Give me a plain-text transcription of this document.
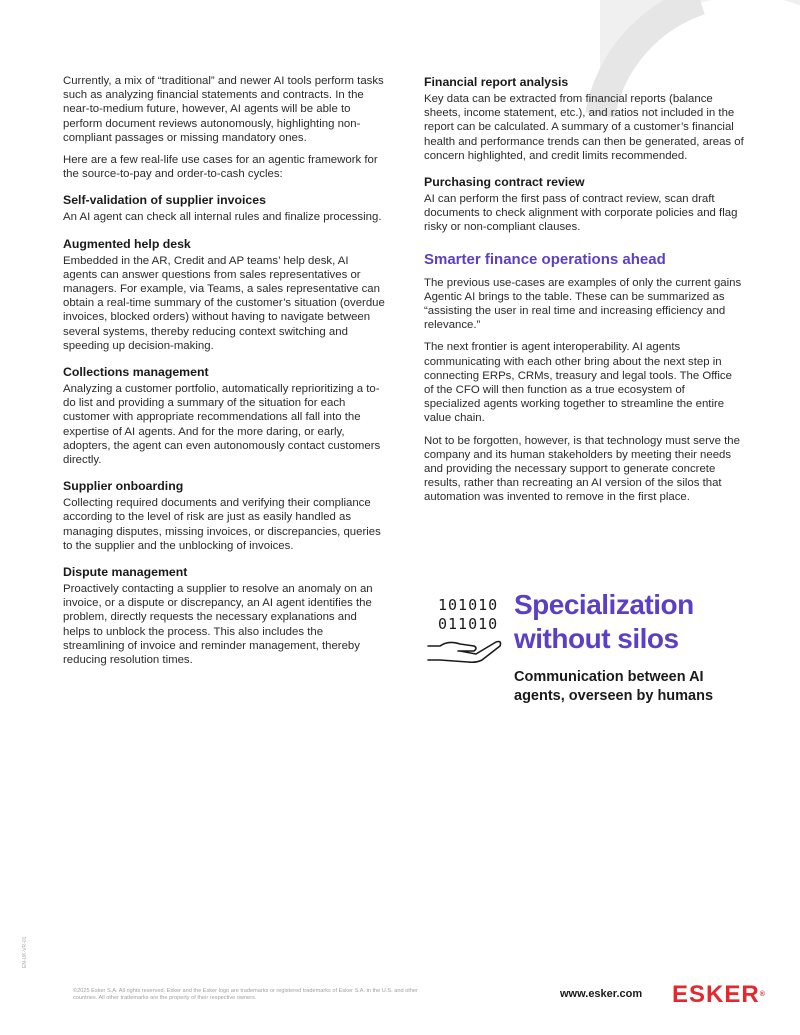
Currently, a mix of “traditional” and newer AI tools perform tasks such as analyzing financial statements and contracts. In the near-to-medium future, however, AI agents will be able to perform document reviews autonomously, highlighting non-compliant passages or missing mandatory ones.

Here are a few real-life use cases for an agentic framework for the source-to-pay and order-to-cash cycles:

Self-validation of supplier invoices

An AI agent can check all internal rules and finalize processing.

Augmented help desk

Embedded in the AR, Credit and AP teams’ help desk, AI agents can answer questions from sales representatives or managers. For example, via Teams, a sales representative can obtain a real-time summary of the customer’s situation (overdue invoices, blocked orders) without having to navigate between several systems, thereby reducing context switching and speeding up decision-making.

Collections management

Analyzing a customer portfolio, automatically reprioritizing a to-do list and providing a summary of the situation for each customer with appropriate recommendations all fall into the expertise of AI agents. And for the more daring, or early, adopters, the agent can even autonomously contact customers directly.

Supplier onboarding

Collecting required documents and verifying their compliance according to the level of risk are just as easily handled as managing disputes, missing invoices, or discrepancies, queries to the supplier and the unblocking of invoices.

Dispute management

Proactively contacting a supplier to resolve an anomaly on an invoice, or a dispute or discrepancy, an AI agent identifies the problem, directly requests the necessary explanations and helps to unblock the process. This also includes the streamlining of invoice and reminder management, thereby reducing resolution times.

Financial report analysis

Key data can be extracted from financial reports (balance sheets, income statement, etc.), and ratios not included in the report can be calculated. A summary of a customer’s financial health and performance trends can then be generated, areas of concern highlighted, and credit limits recommended.

Purchasing contract review

AI can perform the first pass of contract review, scan draft documents to check alignment with corporate policies and flag risky or non-compliant clauses.

Smarter finance operations ahead

The previous use-cases are examples of only the current gains Agentic AI brings to the table. These can be summarized as “assisting the user in real time and increasing efficiency and relevance.”

The next frontier is agent interoperability. AI agents communicating with each other bring about the next step in connecting ERPs, CRMs, treasury and legal tools. The Office of the CFO will then function as a true ecosystem of specialized agents working together to streamline the entire value chain.

Not to be forgotten, however, is that technology must serve the company and its human stakeholders by meeting their needs and providing the necessary support to generate concrete results, rather than recreating an AI version of the silos that automation was invented to remove in the first place.

101010
011010
Specialization
without silos
Communication between AI
agents, overseen by humans
EN-UK-VR-01
©2025 Esker S.A. All rights reserved. Esker and the Esker logo are trademarks or registered trademarks of Esker S.A. in the U.S. and other
countries. All other trademarks are the property of their respective owners.	www.esker.com ESKER®
